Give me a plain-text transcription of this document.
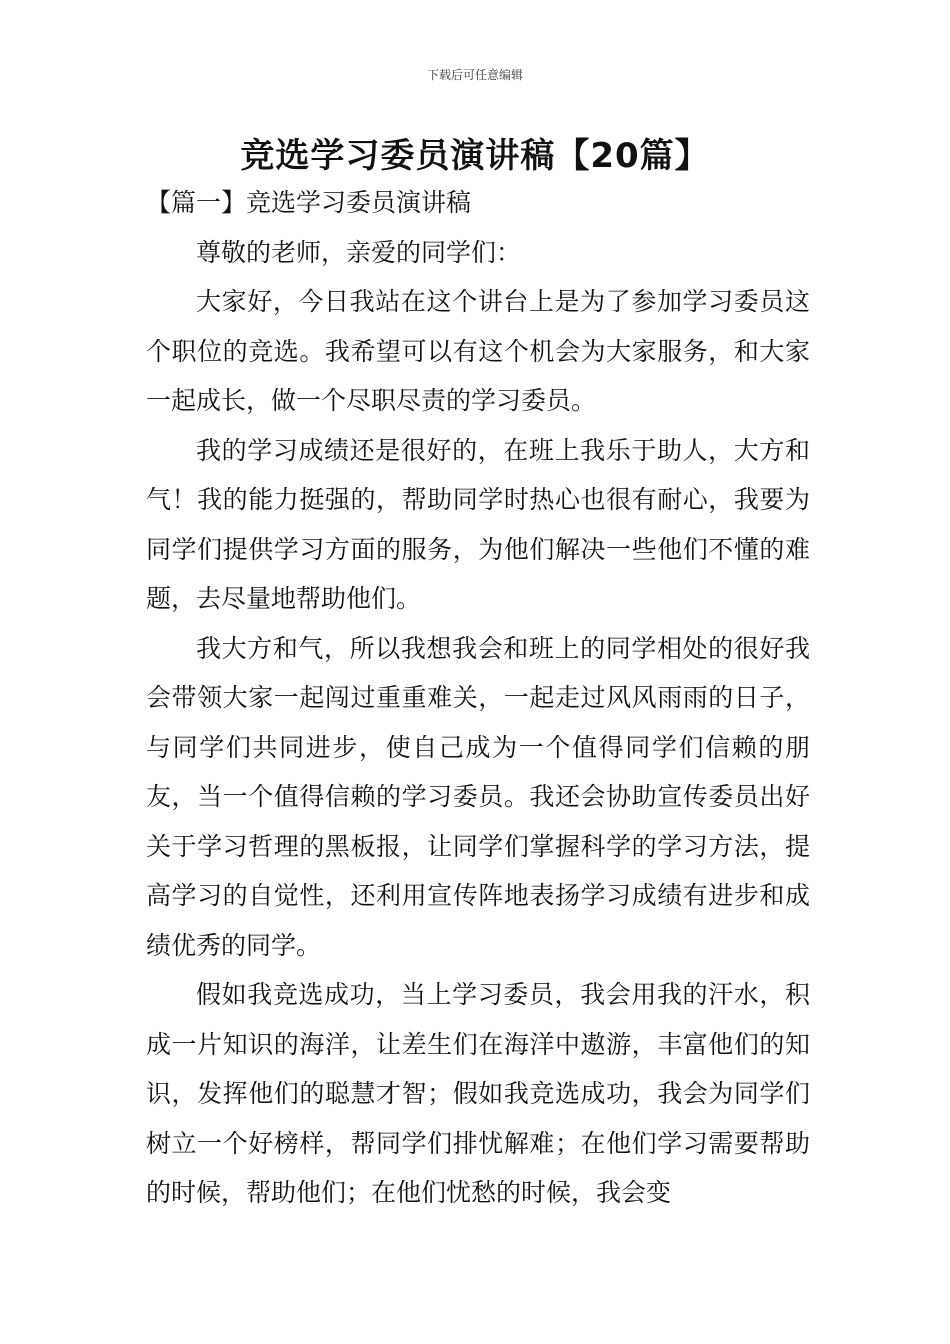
下载后可任意编辑
竞选学习委员演讲稿【20篇】

【篇一】竞选学习委员演讲稿

尊敬的老师，亲爱的同学们：

大家好，今日我站在这个讲台上是为了参加学习委员这个职位的竞选。我希望可以有这个机会为大家服务，和大家一起成长，做一个尽职尽责的学习委员。

我的学习成绩还是很好的，在班上我乐于助人，大方和气！我的能力挺强的，帮助同学时热心也很有耐心，我要为同学们提供学习方面的服务，为他们解决一些他们不懂的难题，去尽量地帮助他们。

我大方和气，所以我想我会和班上的同学相处的很好我会带领大家一起闯过重重难关，一起走过风风雨雨的日子，与同学们共同进步，使自己成为一个值得同学们信赖的朋友，当一个值得信赖的学习委员。我还会协助宣传委员出好关于学习哲理的黑板报，让同学们掌握科学的学习方法，提高学习的自觉性，还利用宣传阵地表扬学习成绩有进步和成绩优秀的同学。

假如我竞选成功，当上学习委员，我会用我的汗水，积成一片知识的海洋，让差生们在海洋中遨游，丰富他们的知识，发挥他们的聪慧才智；假如我竞选成功，我会为同学们树立一个好榜样，帮同学们排忧解难；在他们学习需要帮助的时候，帮助他们；在他们忧愁的时候，我会变
